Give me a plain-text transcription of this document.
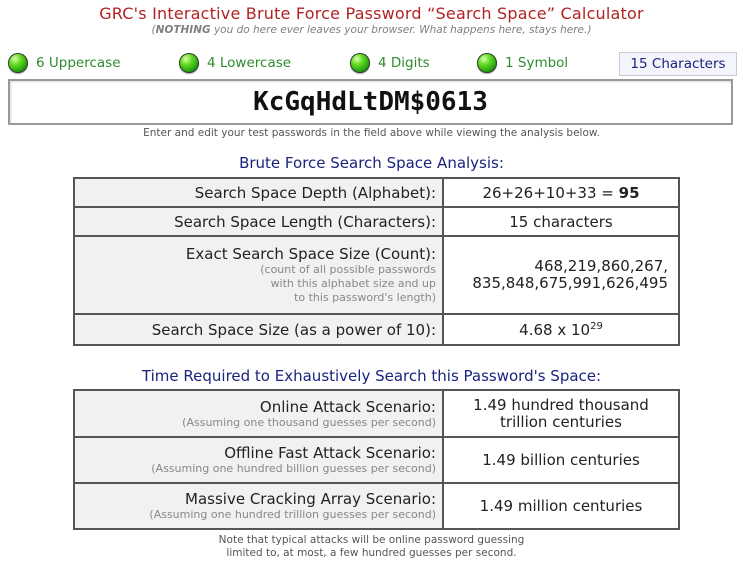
GRC's Interactive Brute Force Password “Search Space” Calculator
(NOTHING you do here ever leaves your browser. What happens here, stays here.)
6 Uppercase	4 Lowercase	4 Digits	1 Symbol	15 Characters
KcGqHdLtDM$0613
Enter and edit your test passwords in the field above while viewing the analysis below.
Brute Force Search Space Analysis:
Search Space Depth (Alphabet):	26+26+10+33 = 95
Search Space Length (Characters):	15 characters

Exact Search Space Size (Count):
(count of all possible passwords
with this alphabet size and up
to this password's length)	468,219,860,267,
835,848,675,991,626,495

Search Space Size (as a power of 10):	4.68 x $10^{29}$
Time Required to Exhaustively Search this Password's Space:
Online Attack Scenario:
(Assuming one thousand guesses per second)	1.49 hundred thousand
trillion centuries

Offline Fast Attack Scenario:
(Assuming one hundred billion guesses per second)	1.49 billion centuries

Massive Cracking Array Scenario:
(Assuming one hundred trillion guesses per second)	1.49 million centuries
Note that typical attacks will be online password guessing
limited to, at most, a few hundred guesses per second.
